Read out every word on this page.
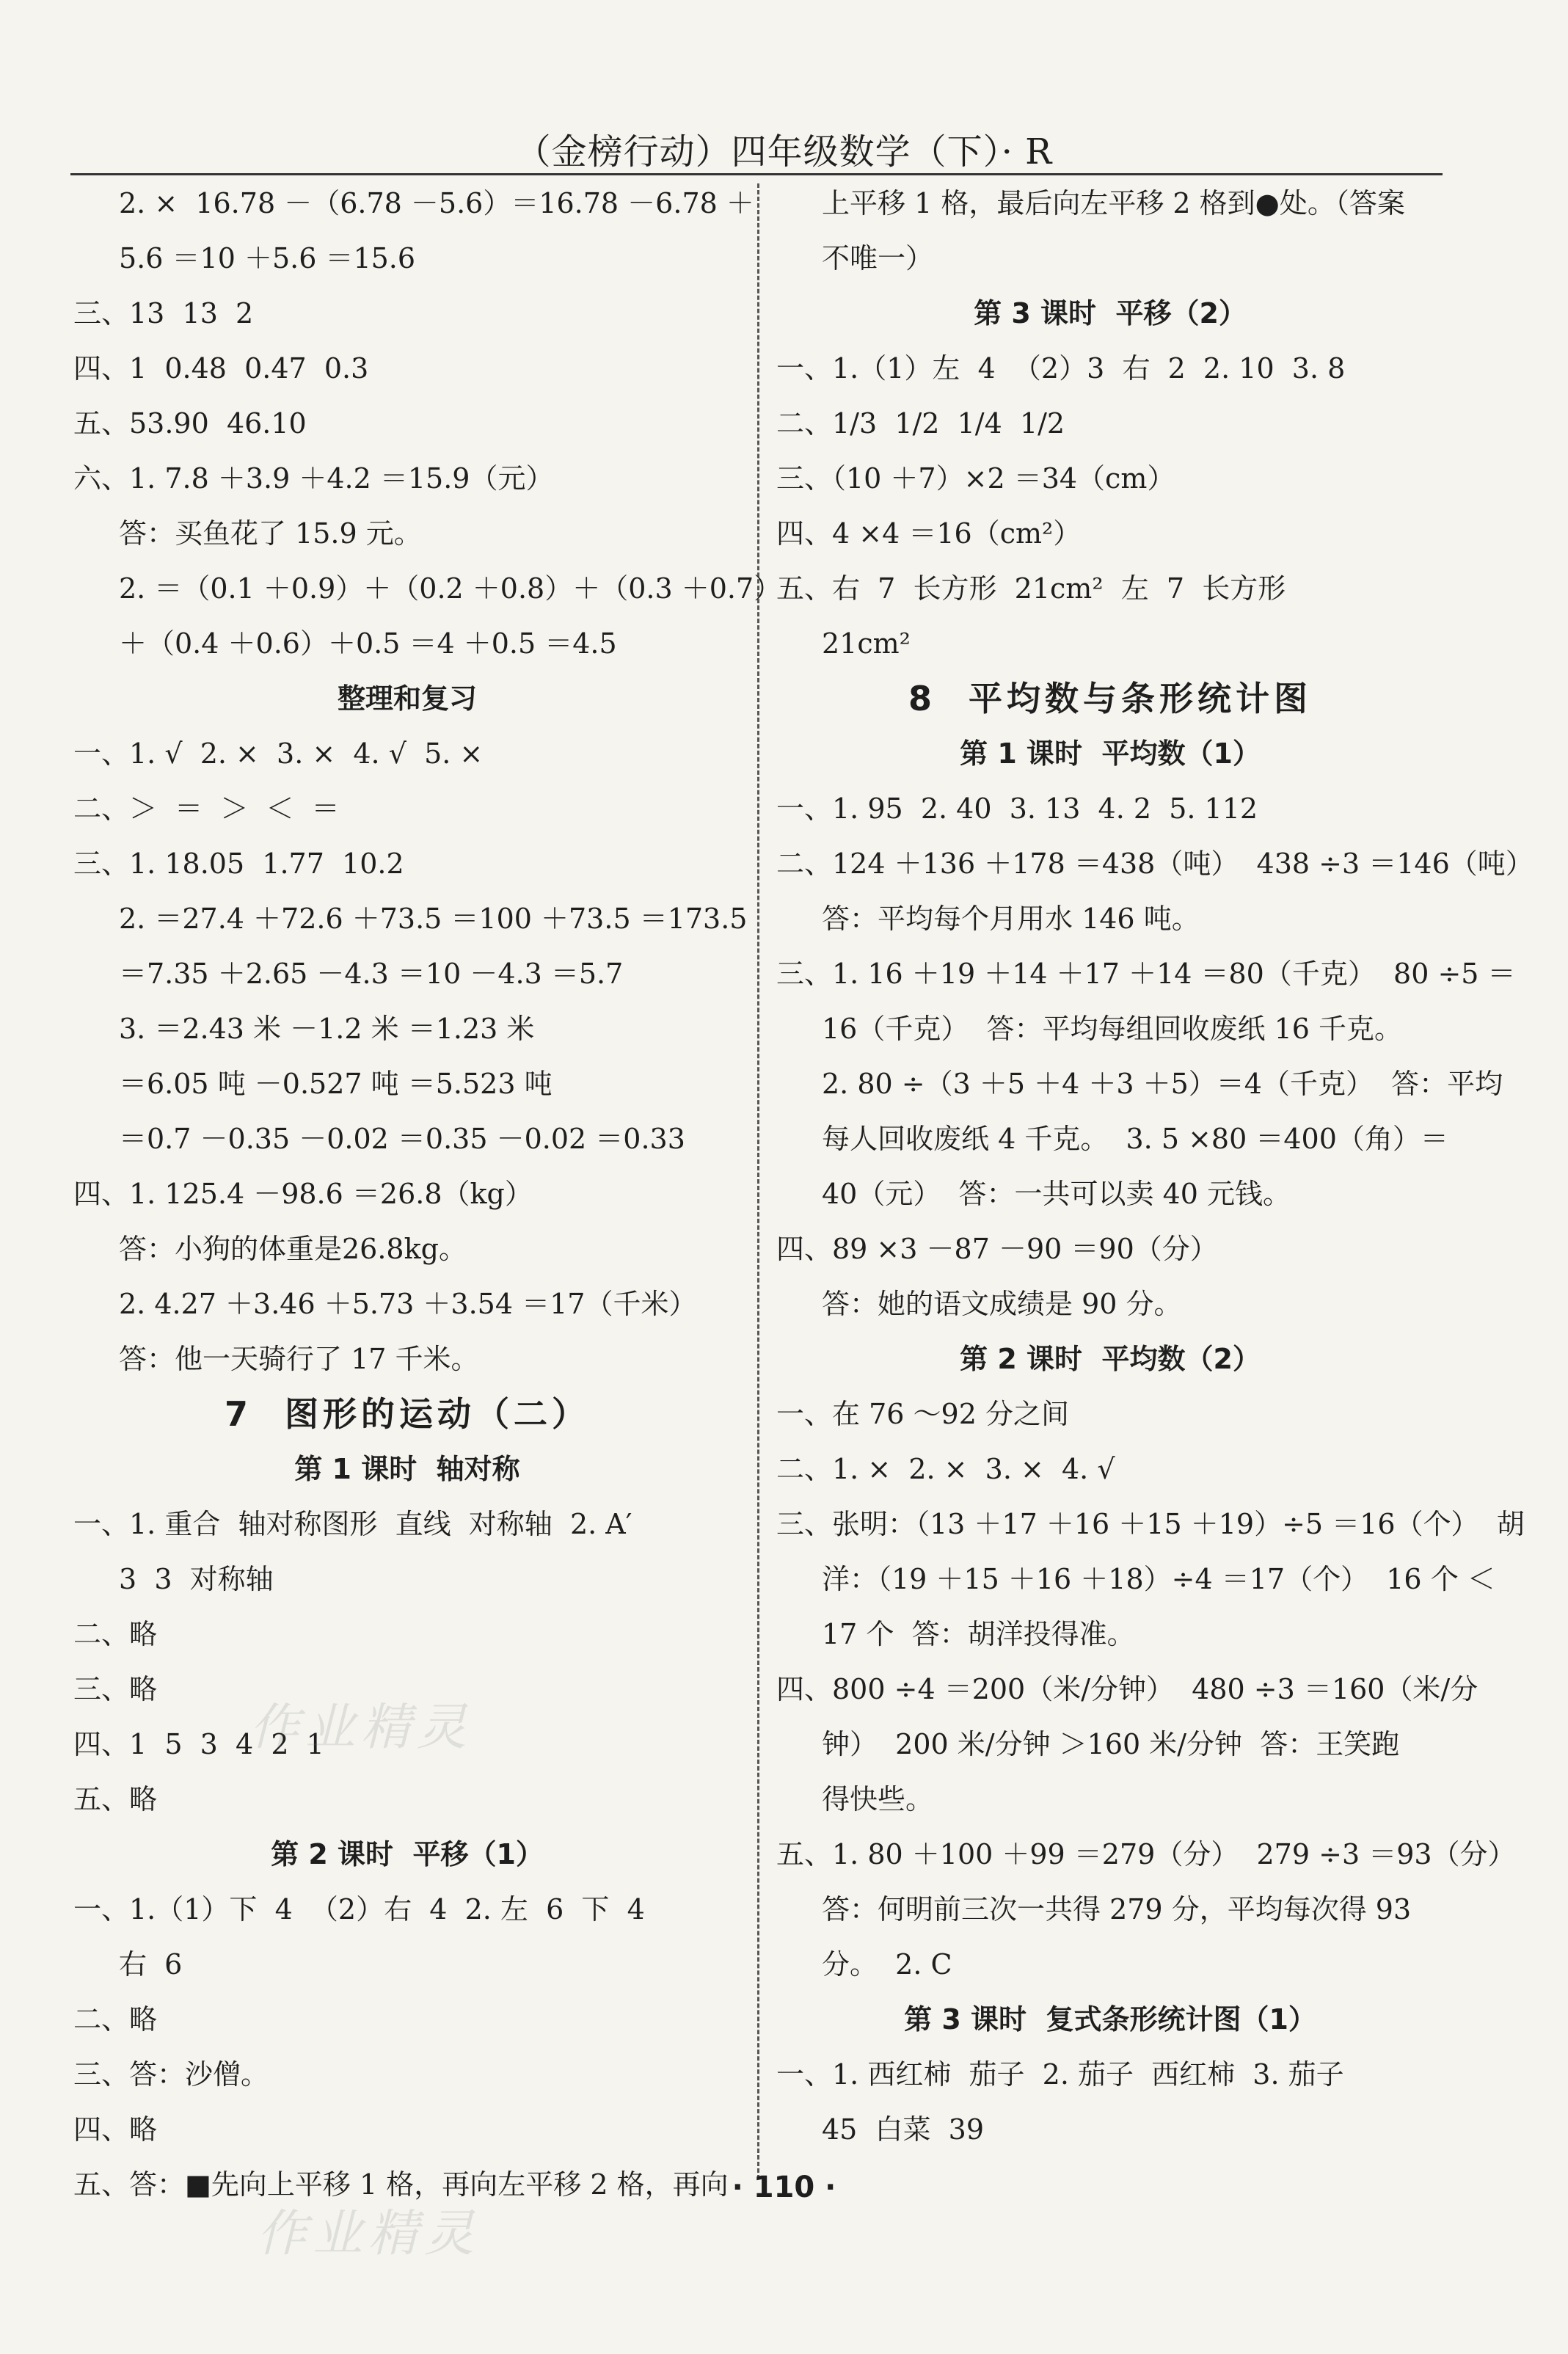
（金榜行动）四年级数学（下）· R
2. ×  16.78 －（6.78 －5.6）＝16.78 －6.78 ＋
5.6 ＝10 ＋5.6 ＝15.6
三、13  13  2
四、1  0.48  0.47  0.3
五、53.90  46.10
六、1. 7.8 ＋3.9 ＋4.2 ＝15.9（元）
答：买鱼花了 15.9 元。
2. ＝（0.1 ＋0.9）＋（0.2 ＋0.8）＋（0.3 ＋0.7）
＋（0.4 ＋0.6）＋0.5 ＝4 ＋0.5 ＝4.5
整理和复习
一、1. √  2. ×  3. ×  4. √  5. ×
二、＞  ＝  ＞  ＜  ＝
三、1. 18.05  1.77  10.2
2. ＝27.4 ＋72.6 ＋73.5 ＝100 ＋73.5 ＝173.5
＝7.35 ＋2.65 －4.3 ＝10 －4.3 ＝5.7
3. ＝2.43 米 －1.2 米 ＝1.23 米
＝6.05 吨 －0.527 吨 ＝5.523 吨
＝0.7 －0.35 －0.02 ＝0.35 －0.02 ＝0.33
四、1. 125.4 －98.6 ＝26.8（kg）
答：小狗的体重是26.8kg。
2. 4.27 ＋3.46 ＋5.73 ＋3.54 ＝17（千米）
答：他一天骑行了 17 千米。
7  图形的运动（二）
第 1 课时  轴对称
一、1. 重合  轴对称图形  直线  对称轴  2. A′
3  3  对称轴
二、略
三、略
四、1  5  3  4  2  1
五、略
第 2 课时  平移（1）
一、1.（1）下  4  （2）右  4  2. 左  6  下  4
右  6
二、略
三、答：沙僧。
四、略
五、答：■先向上平移 1 格，再向左平移 2 格，再向
上平移 1 格，最后向左平移 2 格到●处。（答案
不唯一）
第 3 课时  平移（2）
一、1.（1）左  4  （2）3  右  2  2. 10  3. 8
二、1/3  1/2  1/4  1/2
三、（10 ＋7）×2 ＝34（cm）
四、4 ×4 ＝16（cm²）
五、右  7  长方形  21cm²  左  7  长方形
21cm²
8  平均数与条形统计图
第 1 课时  平均数（1）
一、1. 95  2. 40  3. 13  4. 2  5. 112
二、124 ＋136 ＋178 ＝438（吨）  438 ÷3 ＝146（吨）
答：平均每个月用水 146 吨。
三、1. 16 ＋19 ＋14 ＋17 ＋14 ＝80（千克）  80 ÷5 ＝
16（千克）  答：平均每组回收废纸 16 千克。
2. 80 ÷（3 ＋5 ＋4 ＋3 ＋5）＝4（千克）  答：平均
每人回收废纸 4 千克。  3. 5 ×80 ＝400（角）＝
40（元）  答：一共可以卖 40 元钱。
四、89 ×3 －87 －90 ＝90（分）
答：她的语文成绩是 90 分。
第 2 课时  平均数（2）
一、在 76 ～92 分之间
二、1. ×  2. ×  3. ×  4. √
三、张明：（13 ＋17 ＋16 ＋15 ＋19）÷5 ＝16（个）  胡
洋：（19 ＋15 ＋16 ＋18）÷4 ＝17（个）  16 个 ＜
17 个  答：胡洋投得准。
四、800 ÷4 ＝200（米/分钟）  480 ÷3 ＝160（米/分
钟）  200 米/分钟 ＞160 米/分钟  答：王笑跑
得快些。
五、1. 80 ＋100 ＋99 ＝279（分）  279 ÷3 ＝93（分）
答：何明前三次一共得 279 分，平均每次得 93
分。  2. C
第 3 课时  复式条形统计图（1）
一、1. 西红柿  茄子  2. 茄子  西红柿  3. 茄子
45  白菜  39
作业精灵
作业精灵
· 110 ·
